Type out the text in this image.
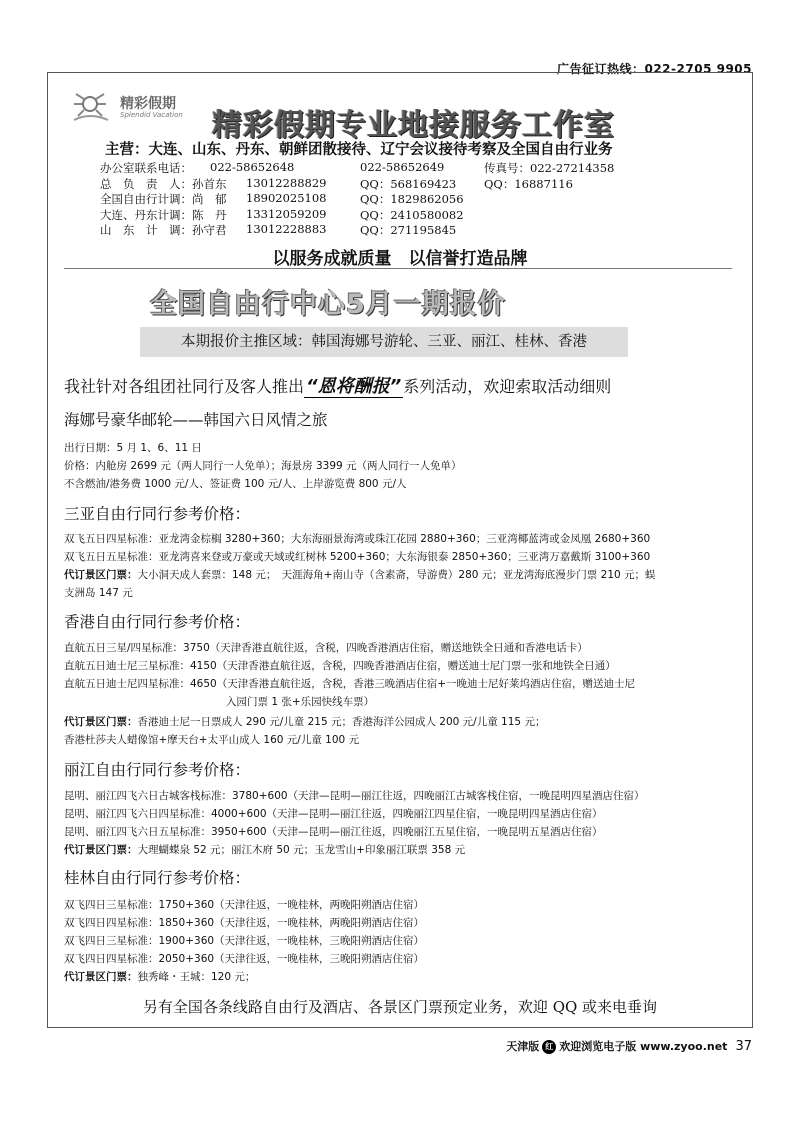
广告征订热线：022-2705 9905
精彩假期
Splendid Vacation 精彩假期专业地接服务工作室
主营：大连、山东、丹东、朝鲜团散接待、辽宁会议接待考察及全国自由行业务
办公室联系电话： 022-58652648	022-58652649	传真号：022-27214358
总　负　责　人：孙首东 13012288829	QQ：568169423 QQ：16887116
全国自由行计调：尚　郁 18902025108	QQ：1829862056
大连、丹东计调：陈　丹 13312059209	QQ：2410580082
山　东　计　调：孙守君 13012228883	QQ：271195845
以服务成就质量　以信誉打造品牌
全国自由行中心5月一期报价
本期报价主推区域：韩国海娜号游轮、三亚、丽江、桂林、香港
我社针对各组团社同行及客人推出 “恩将酬报” 系列活动，欢迎索取活动细则
海娜号豪华邮轮——韩国六日风情之旅
出行日期：5 月 1、6、11 日
价格：内舱房 2699 元（两人同行一人免单）；海景房 3399 元（两人同行一人免单）
不含燃油/港务费 1000 元/人、签证费 100 元/人、上岸游览费 800 元/人
三亚自由行同行参考价格：
双飞五日四星标准：亚龙湾金棕榈 3280+360；大东海丽景海湾或珠江花园 2880+360；三亚湾椰蓝湾或金凤凰 2680+360
双飞五日五星标准：亚龙湾喜来登或万豪或天域或红树林 5200+360；大东海银泰 2850+360；三亚湾万嘉戴斯 3100+360
代订景区门票：大小洞天成人套票：148 元；　天涯海角+南山寺（含素斋，导游费）280 元；亚龙湾海底漫步门票 210 元；蜈
支洲岛 147 元
香港自由行同行参考价格：
直航五日三星/四星标准：3750（天津香港直航往返，含税，四晚香港酒店住宿，赠送地铁全日通和香港电话卡）
直航五日迪士尼三星标准：4150（天津香港直航往返，含税，四晚香港酒店住宿，赠送迪士尼门票一张和地铁全日通）
直航五日迪士尼四星标准：4650（天津香港直航往返，含税，香港三晚酒店住宿+一晚迪士尼好莱坞酒店住宿，赠送迪士尼
入园门票 1 张+乐园快线车票）
代订景区门票：香港迪士尼一日票成人 290 元/儿童 215 元；香港海洋公园成人 200 元/儿童 115 元；
香港杜莎夫人蜡像馆+摩天台+太平山成人 160 元/儿童 100 元
丽江自由行同行参考价格：
昆明、丽江四飞六日古城客栈标准：3780+600（天津—昆明—丽江往返，四晚丽江古城客栈住宿，一晚昆明四星酒店住宿）
昆明、丽江四飞六日四星标准：4000+600（天津—昆明—丽江往返，四晚丽江四星住宿，一晚昆明四星酒店住宿）
昆明、丽江四飞六日五星标准：3950+600（天津—昆明—丽江往返，四晚丽江五星住宿，一晚昆明五星酒店住宿）
代订景区门票：大理蝴蝶泉 52 元；丽江木府 50 元；玉龙雪山+印象丽江联票 358 元
桂林自由行同行参考价格：
双飞四日三星标准：1750+360（天津往返，一晚桂林，两晚阳朔酒店住宿）
双飞四日四星标准：1850+360（天津往返，一晚桂林，两晚阳朔酒店住宿）
双飞四日三星标准：1900+360（天津往返，一晚桂林，三晚阳朔酒店住宿）
双飞四日四星标准：2050+360（天津往返，一晚桂林，三晚阳朔酒店住宿）
代订景区门票：独秀峰・王城：120 元；
另有全国各条线路自由行及酒店、各景区门票预定业务，欢迎 QQ 或来电垂询
天津版 红 欢迎浏览电子版 www.zyoo.net 37
